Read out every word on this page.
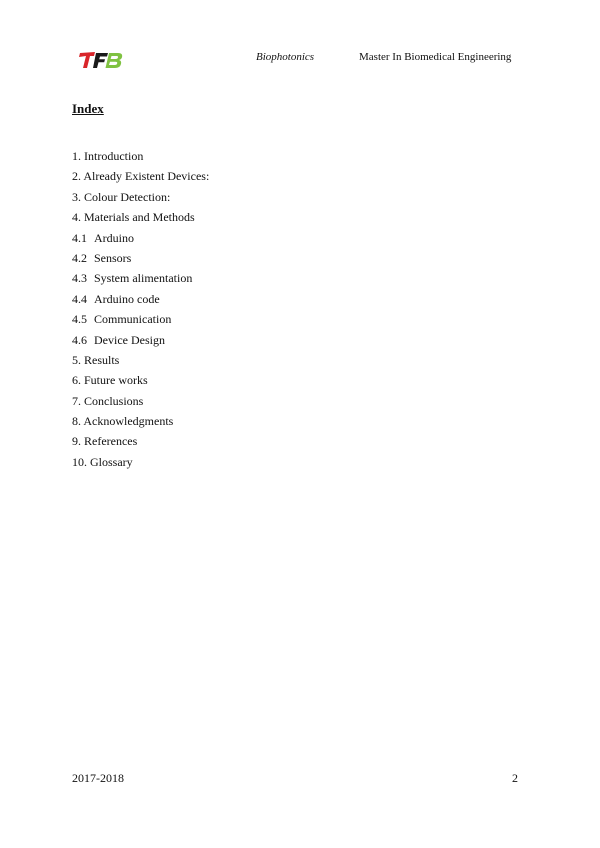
Biophotonics	Master In Biomedical Engineering
Index
1. Introduction
2. Already Existent Devices:
3. Colour Detection:
4. Materials and Methods
4.1 Arduino
4.2 Sensors
4.3 System alimentation
4.4 Arduino code
4.5 Communication
4.6 Device Design
5. Results
6. Future works
7. Conclusions
8. Acknowledgments
9. References
10. Glossary
2017-2018	2
